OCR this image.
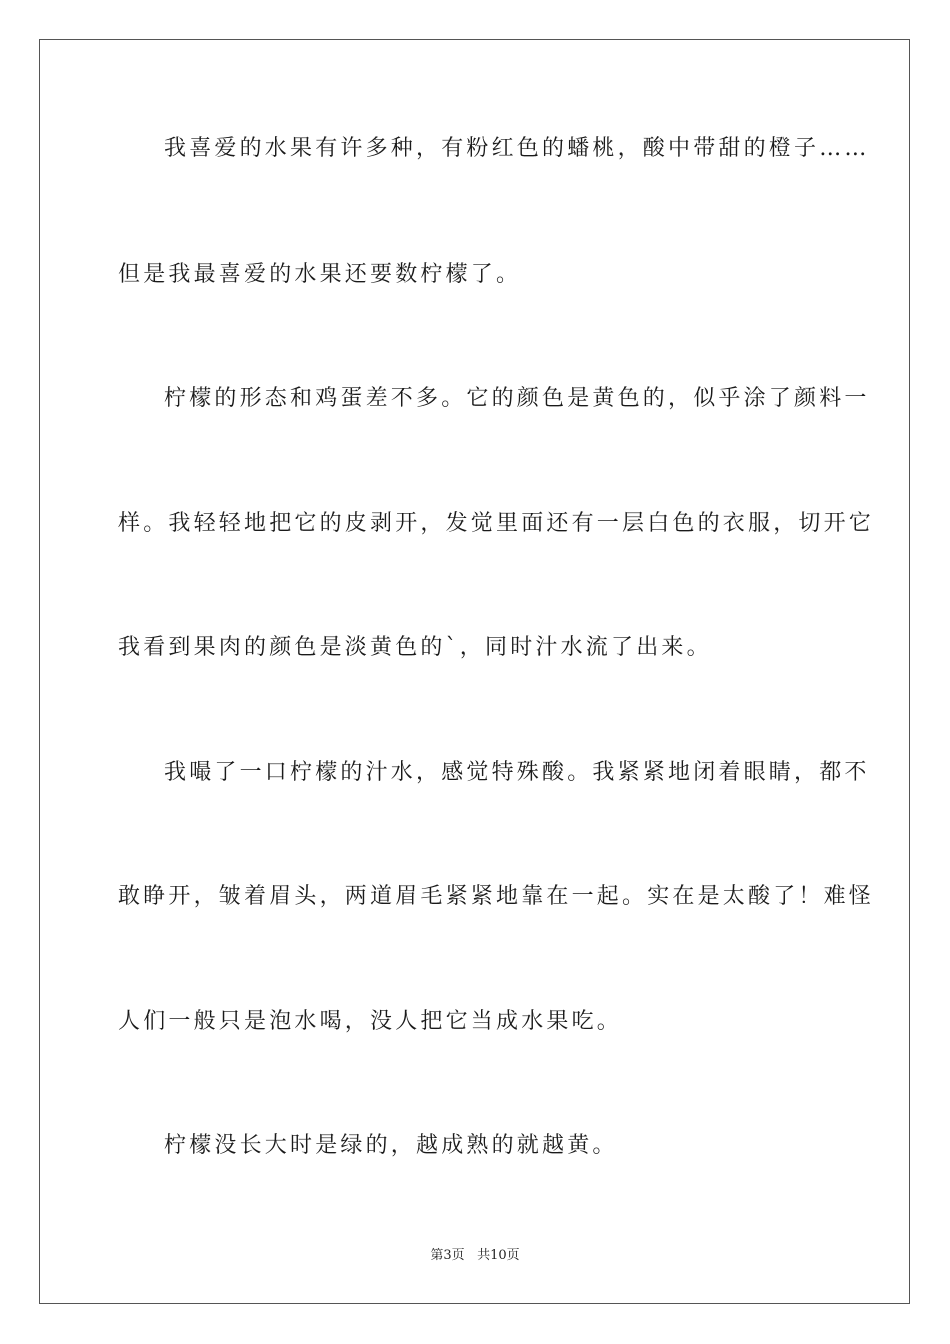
我喜爱的水果有许多种，有粉红色的蟠桃，酸中带甜的橙子……
但是我最喜爱的水果还要数柠檬了。
柠檬的形态和鸡蛋差不多。它的颜色是黄色的，似乎涂了颜料一
样。我轻轻地把它的皮剥开，发觉里面还有一层白色的衣服，切开它
我看到果肉的颜色是淡黄色的`，同时汁水流了出来。
我嘬了一口柠檬的汁水，感觉特殊酸。我紧紧地闭着眼睛，都不
敢睁开，皱着眉头，两道眉毛紧紧地靠在一起。实在是太酸了！难怪
人们一般只是泡水喝，没人把它当成水果吃。
柠檬没长大时是绿的，越成熟的就越黄。
第3页 共10页
